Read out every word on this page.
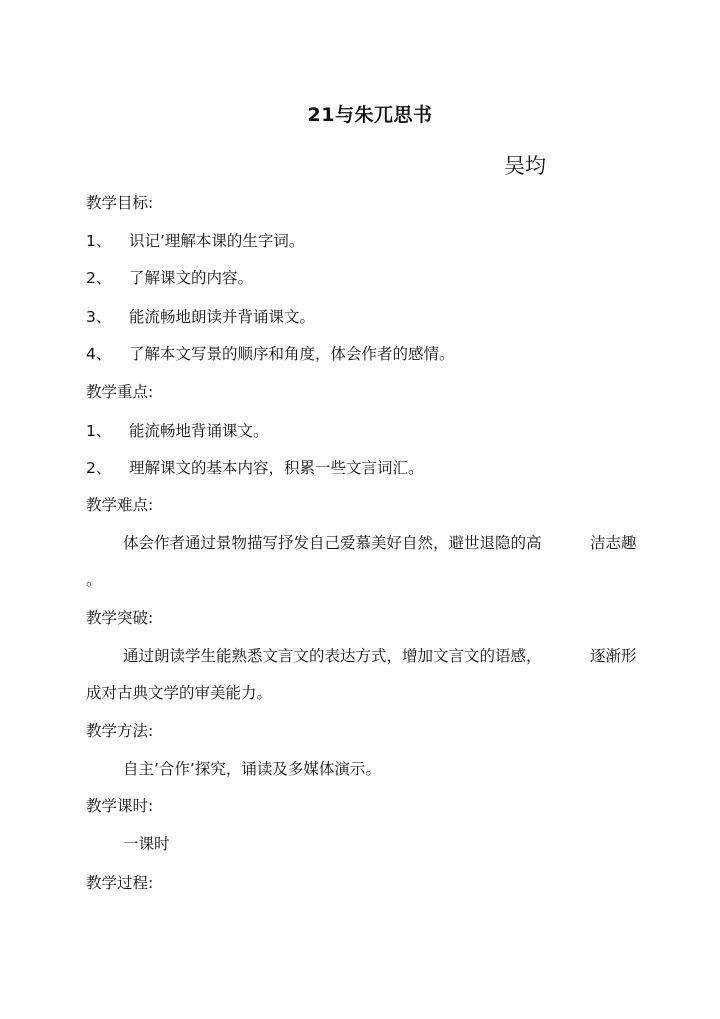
21与朱兀思书
吴均
教学目标:
1、 识记’理解本课的生字词。
2、 了解课文的内容。
3、 能流畅地朗读并背诵课文。
4、 了解本文写景的顺序和角度，体会作者的感情。
教学重点:
1、 能流畅地背诵课文。
2、 理解课文的基本内容，积累一些文言词汇。
教学难点:
体会作者通过景物描写抒发自己爱慕美好自然，避世退隐的高	洁志趣
。
教学突破:
通过朗读学生能熟悉文言文的表达方式，增加文言文的语感，	逐渐形
成对古典文学的审美能力。
教学方法:
自主’合作’探究，诵读及多媒体演示。
教学课时:
一课时
教学过程:
